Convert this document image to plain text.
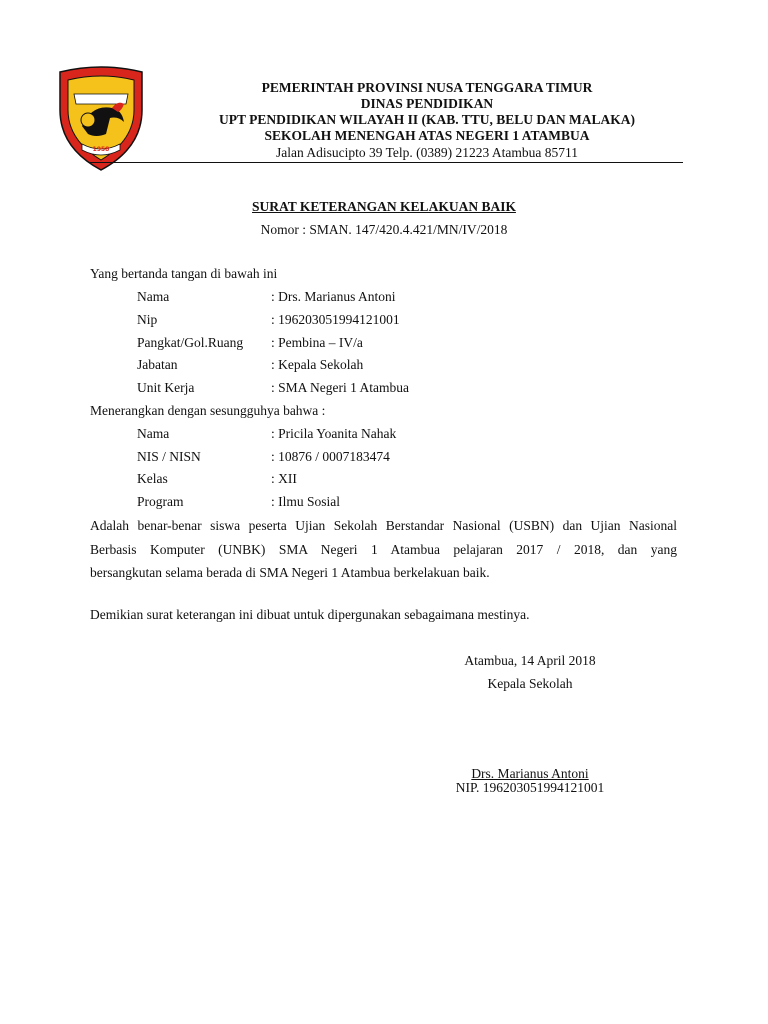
1958
PEMERINTAH PROVINSI NUSA TENGGARA TIMUR
DINAS PENDIDIKAN
UPT PENDIDIKAN WILAYAH II (KAB. TTU, BELU DAN MALAKA)
SEKOLAH MENENGAH ATAS NEGERI 1 ATAMBUA
Jalan Adisucipto 39 Telp. (0389) 21223 Atambua 85711
SURAT KETERANGAN KELAKUAN BAIK
Nomor : SMAN. 147/420.4.421/MN/IV/2018
Yang bertanda tangan di bawah ini
Nama	: Drs. Marianus Antoni
Nip	: 196203051994121001
Pangkat/Gol.Ruang : Pembina – IV/a
Jabatan	: Kepala Sekolah
Unit Kerja	: SMA Negeri 1 Atambua
Menerangkan dengan sesungguhya bahwa :
Nama	: Pricila Yoanita Nahak
NIS / NISN	: 10876 / 0007183474
Kelas	: XII
Program	: Ilmu Sosial
Adalah benar-benar siswa peserta Ujian Sekolah Berstandar Nasional (USBN) dan Ujian Nasional
Berbasis Komputer (UNBK) SMA Negeri 1 Atambua pelajaran 2017 / 2018, dan yang
bersangkutan selama berada di SMA Negeri 1 Atambua berkelakuan baik.
Demikian surat keterangan ini dibuat untuk dipergunakan sebagaimana mestinya.
Atambua, 14 April 2018
Kepala Sekolah
Drs. Marianus Antoni
NIP. 196203051994121001
